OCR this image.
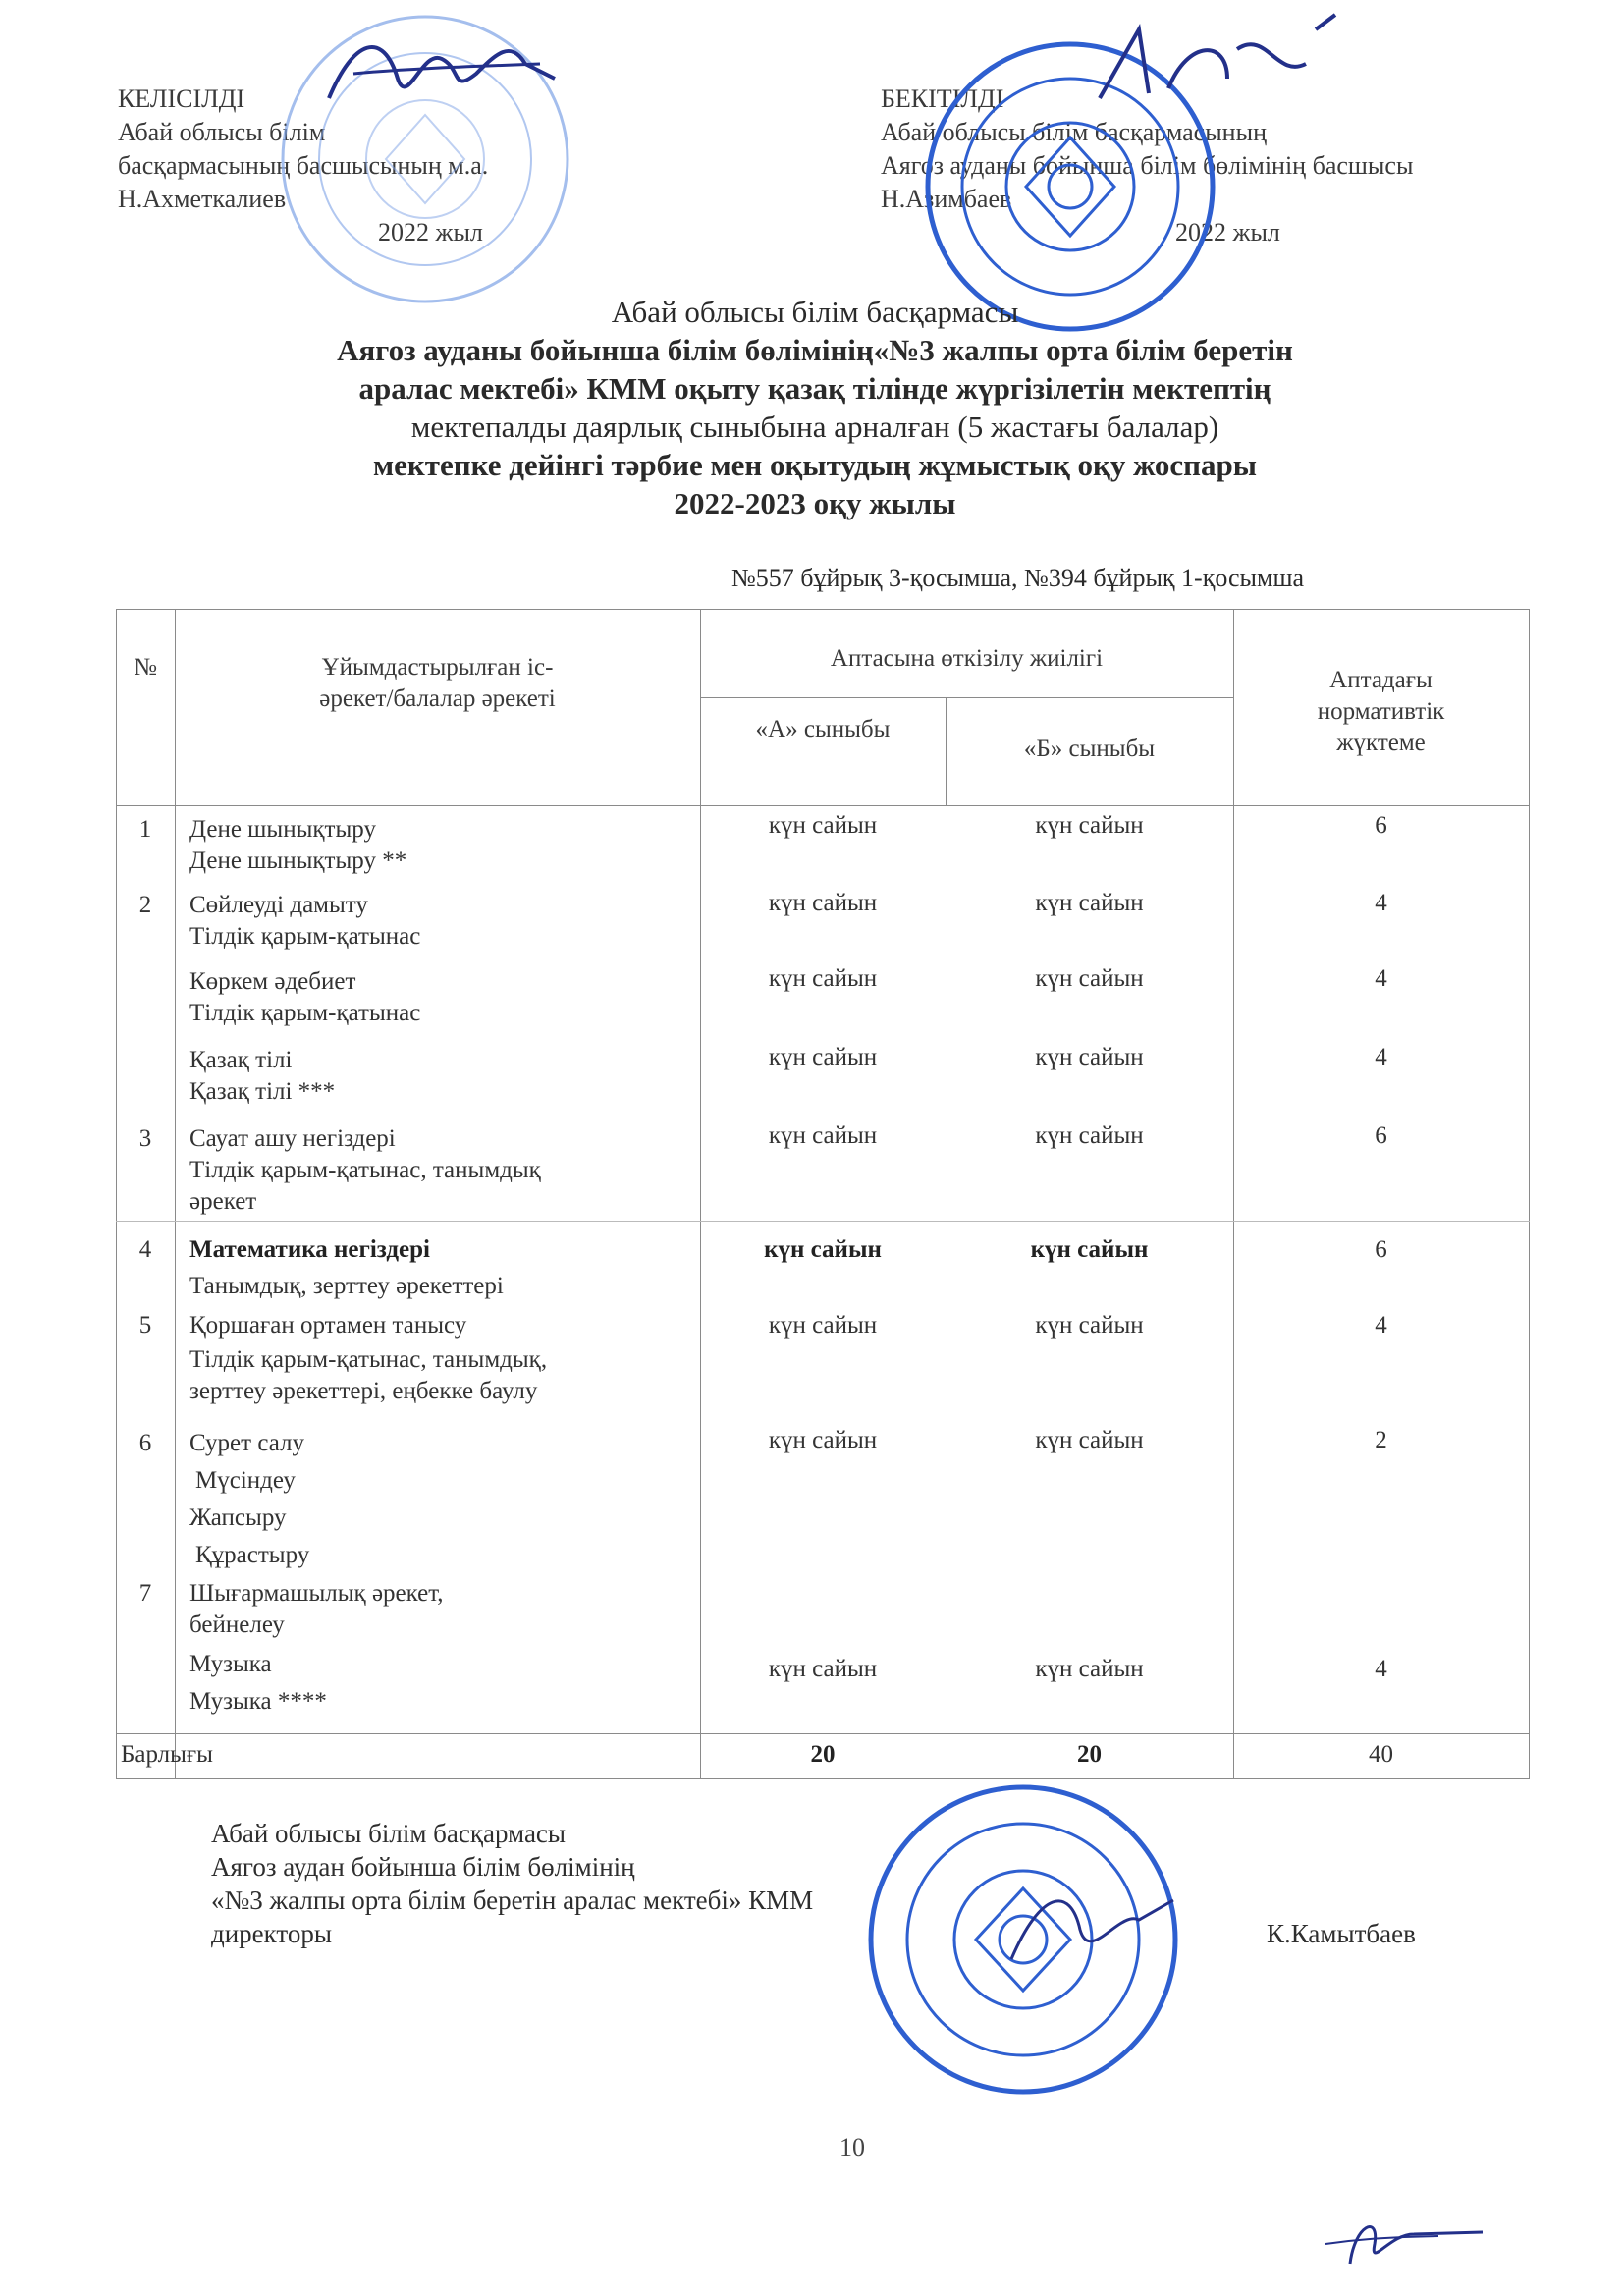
КЕЛІСІЛДІ
Абай облысы білім
басқармасының басшысының м.а.
Н.Ахметкалиев
2022 жыл
БЕКІТІЛДІ
Абай облысы білім басқармасының
Аягоз ауданы бойынша білім бөлімінің басшысы
Н.Азимбаев
2022 жыл
Абай облысы білім басқармасы
Аягоз ауданы бойынша білім бөлімінің«№3 жалпы орта білім беретін
аралас мектебі» КММ оқыту қазақ тілінде жүргізілетін мектептің
мектепалды даярлық сыныбына арналған (5 жастағы балалар)
мектепке дейінгі тәрбие мен оқытудың жұмыстық оқу жоспары
2022-2023 оқу жылы
№557 бұйрық 3-қосымша, №394 бұйрық 1-қосымша
№	Ұйымдастырылған іс-
әрекет/балалар әрекеті
Аптасына өткізілу жиілігі
«А» сыныбы
«Б» сыныбы
Аптадағы
нормативтік
жүктеме
1	Дене шынықтыру
Дене шынықтыру **
күн сайын	күн сайын	6
2	Сөйлеуді дамыту
Тілдік қарым-қатынас
күн сайын	күн сайын	4
Көркем әдебиет
Тілдік қарым-қатынас
күн сайын	күн сайын	4
Қазақ тілі
Қазақ тілі ***
күн сайын	күн сайын	4
3	Сауат ашу негіздері
Тілдік қарым-қатынас, танымдық
әрекет
күн сайын	күн сайын	6
4	Математика негіздері
Танымдық, зерттеу әрекеттері
күн сайын	күн сайын	6
5	Қоршаған ортамен танысу
Тілдік қарым-қатынас, танымдық,
зерттеу әрекеттері, еңбекке баулу
күн сайын	күн сайын	4
6	Сурет салу
Мүсіндеу
Жапсыру
Құрастыру
күн сайын	күн сайын	2
7	Шығармашылық әрекет,
бейнелеу
Музыка
Музыка ****
күн сайын	күн сайын	4
Барлығы	20	20	40
Абай облысы білім басқармасы
Аягоз аудан бойынша білім бөлімінің
«№3 жалпы орта білім беретін аралас мектебі» КММ
директоры	К.Камытбаев
10
